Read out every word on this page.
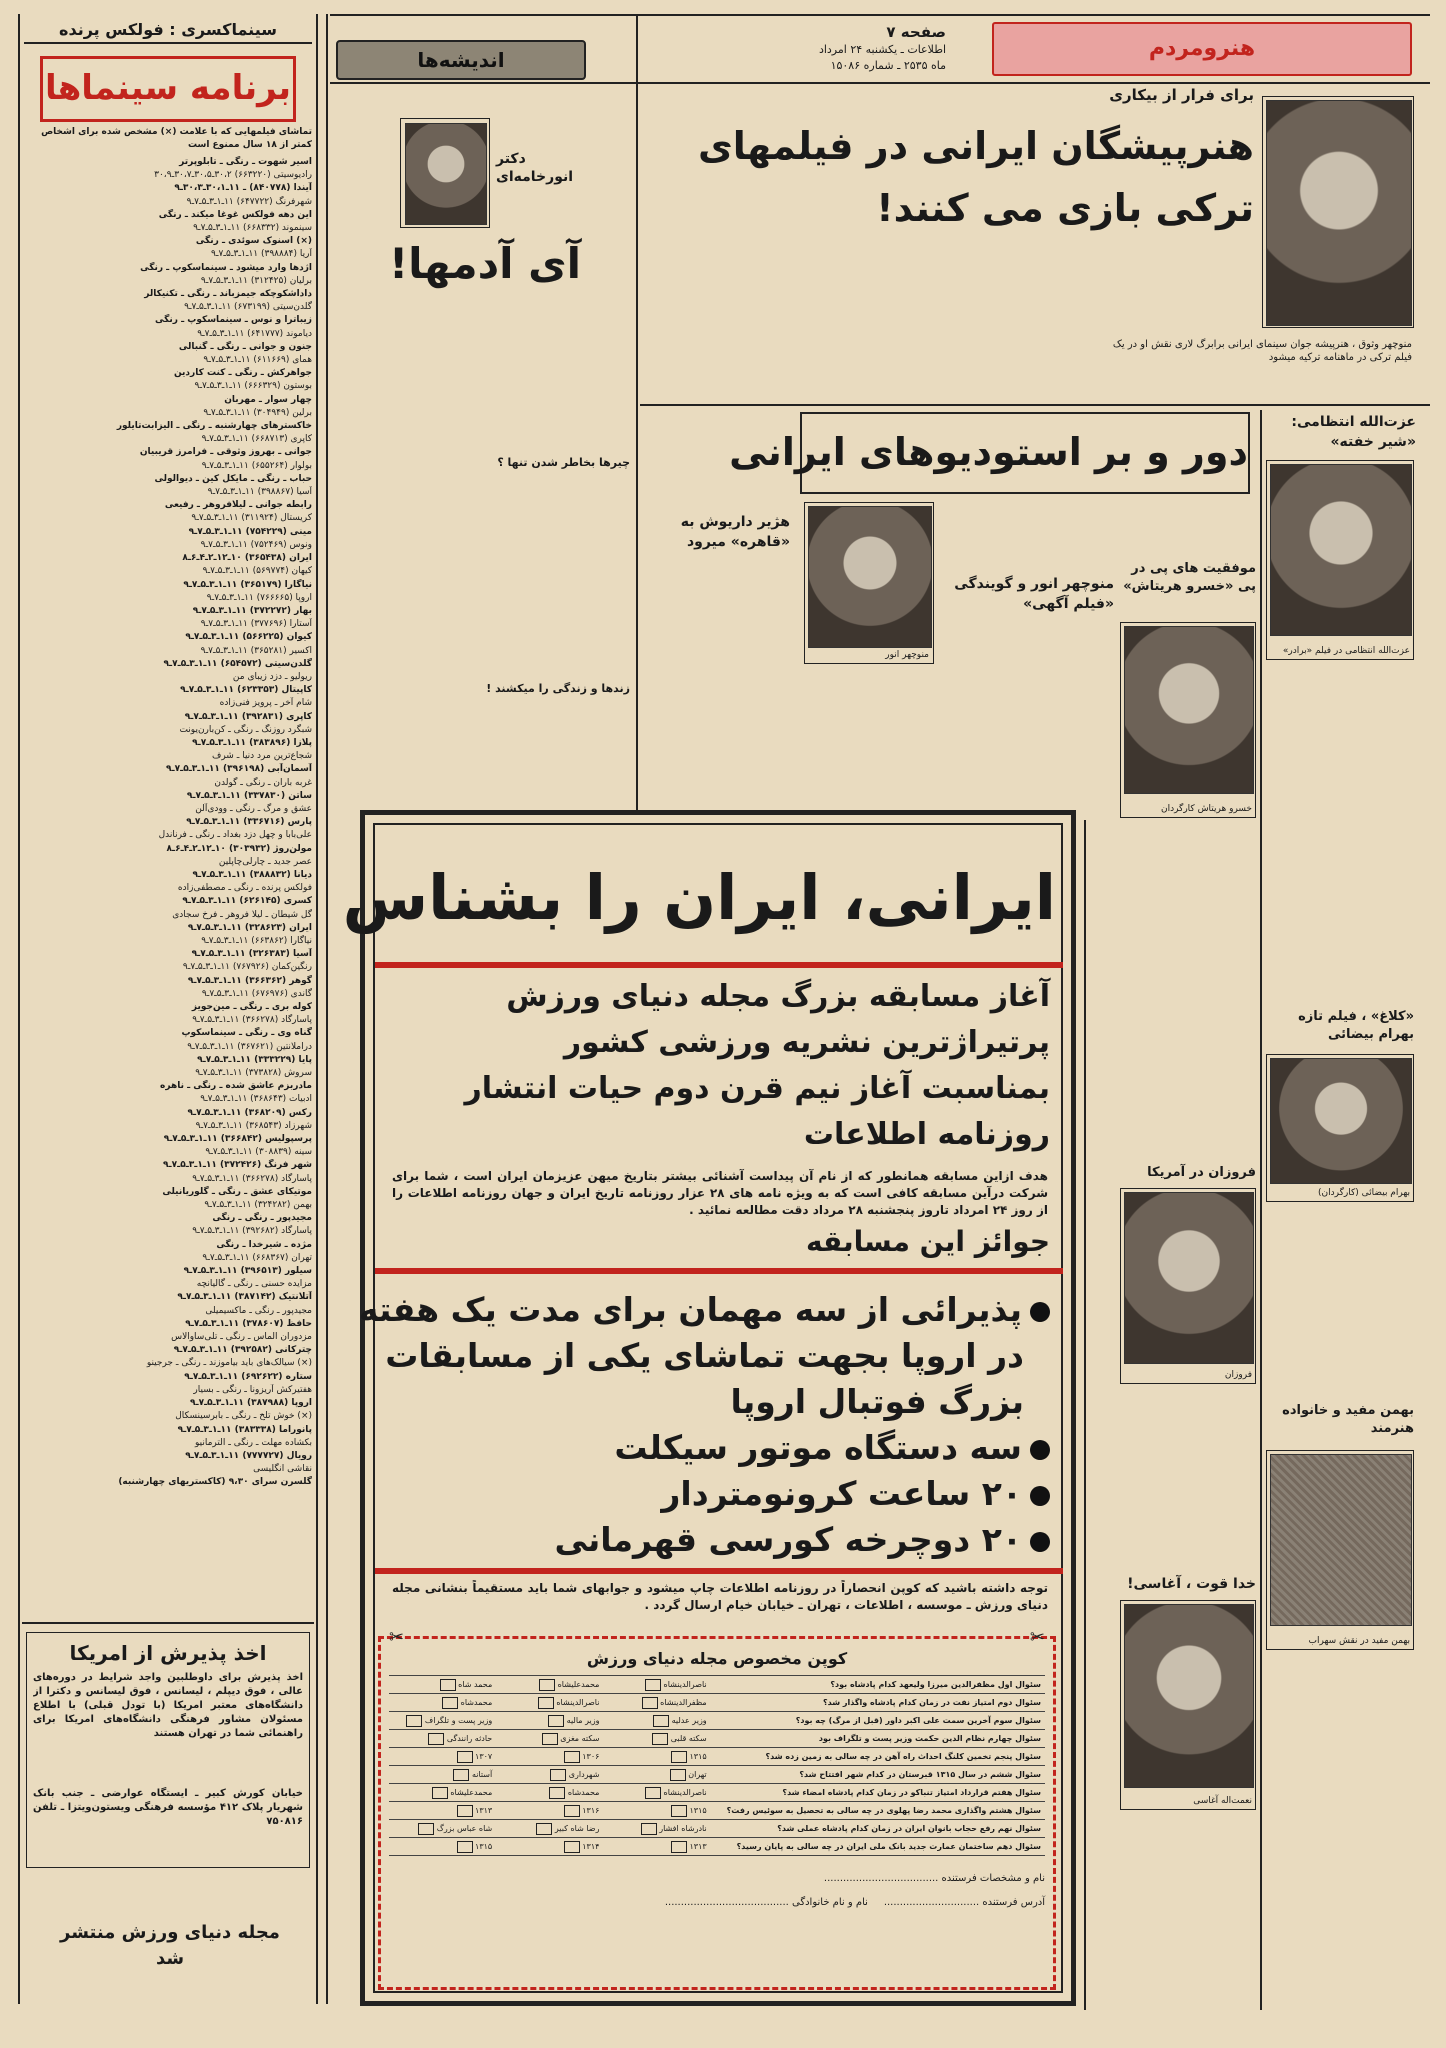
سینماکسری : فولکس پرنده
برنامه سینماها
تماشای فیلمهایی که با علامت (×) مشخص شده برای اشخاص کمتر از ۱۸ سال ممنوع است
اسیر شهوت ـ رنگی ـ تابلوپرتر
رادیوسیتی (۶۶۳۲۲۰) ۳۰،۲ـ۳۰،۵ـ۳۰،۷ـ۳۰،۹
آیندا (۸۴۰۷۷۸) ـ ۱۱ـ۳۰،۱ـ۳۰،۳ـ۹
شهرفرنگ (۶۴۷۷۲۲) ۱۱ـ۱ـ۳ـ۵ـ۷ـ۹
این دهه فولکس غوغا میکند ـ رنگی
سینموند (۶۶۸۳۳۲) ۱۱ـ۱ـ۳ـ۵ـ۷ـ۹
(×) اسنوک سوئدی ـ رنگی
آریا (۳۹۸۸۸۴) ۱۱ـ۱ـ۳ـ۵ـ۷ـ۹
اژدها وارد میشود ـ سینماسکوپ ـ رنگی
برلیان (۳۱۲۴۲۵) ۱۱ـ۱ـ۳ـ۵ـ۷ـ۹
داداشکوچکه جیمزباند ـ رنگی ـ تکنیکالر
گلدن‌سیتی (۶۷۳۱۹۹) ۱۱ـ۱ـ۳ـ۵ـ۷ـ۹
زیباترا و نوس ـ سینماسکوپ ـ رنگی
دیاموند (۶۴۱۷۷۷) ۱۱ـ۱ـ۳ـ۵ـ۷ـ۹
جنون و جوانی ـ رنگی ـ گنبالی
همای (۶۱۱۶۶۹) ۱۱ـ۱ـ۳ـ۵ـ۷ـ۹
جواهرکش ـ رنگی ـ کنت کاردین
بوستون (۶۶۶۳۲۹) ۱۱ـ۱ـ۳ـ۵ـ۷ـ۹
چهار سوار ـ مهربان
برلین (۳۰۴۹۴۹) ۱۱ـ۱ـ۳ـ۵ـ۷ـ۹
خاکسترهای چهارشنبه ـ رنگی ـ الیزابت‌تایلور
کاپری (۶۶۸۷۱۳) ۱۱ـ۱ـ۳ـ۵ـ۷ـ۹
جوانی ـ بهروز وثوقی ـ فرامرز قریبیان
بولوار (۶۵۵۲۶۴) ۱۱ـ۱ـ۳ـ۵ـ۷ـ۹
حباب ـ رنگی ـ مایکل کین ـ دیوالولی
آسیا (۳۹۸۸۶۷) ۱۱ـ۱ـ۳ـ۵ـ۷ـ۹
رابطه جوانی ـ لیلافروهر ـ رفیعی
کریستال (۳۱۱۹۲۴) ۱۱ـ۱ـ۳ـ۵ـ۷ـ۹
مینی (۷۵۴۲۲۹) ۱۱ـ۱ـ۳ـ۵ـ۷ـ۹
ونوس (۷۵۲۴۶۹) ۱۱ـ۱ـ۳ـ۵ـ۷ـ۹
ایران (۳۶۵۴۳۸) ۱۰ـ۱۲ـ۲ـ۴ـ۶ـ۸
کیهان (۵۶۹۷۷۴) ۱۱ـ۱ـ۳ـ۵ـ۷ـ۹
نیاگارا (۳۶۵۱۷۹) ۱۱ـ۱ـ۳ـ۵ـ۷ـ۹
اروپا (۷۶۶۶۶۵) ۱۱ـ۱ـ۳ـ۵ـ۷ـ۹
بهار (۳۷۲۲۷۲) ۱۱ـ۱ـ۳ـ۵ـ۷ـ۹
آستارا (۳۷۷۶۹۶) ۱۱ـ۱ـ۳ـ۵ـ۷ـ۹
کیوان (۵۶۶۲۲۵) ۱۱ـ۱ـ۳ـ۵ـ۷ـ۹
اکسیر (۳۶۵۲۸۱) ۱۱ـ۱ـ۳ـ۵ـ۷ـ۹
گلدن‌سیتی (۶۵۴۵۷۲) ۱۱ـ۱ـ۳ـ۵ـ۷ـ۹
ریولیو ـ دزد زیبای من
کاپیتال (۶۲۳۳۵۳) ۱۱ـ۱ـ۳ـ۵ـ۷ـ۹
شام آخر ـ پرویز فنی‌زاده
کاپری (۳۹۲۸۳۱) ۱۱ـ۱ـ۳ـ۵ـ۷ـ۹
شبگرد روزنگ ـ رنگی ـ کن‌بارن‌یونت
پلازا (۳۸۳۸۹۶) ۱۱ـ۱ـ۳ـ۵ـ۷ـ۹
شجاع‌ترین مرد دنیا ـ شرف
آسمان‌آبی (۳۹۶۱۹۸) ۱۱ـ۱ـ۳ـ۵ـ۷ـ۹
غربه باران ـ رنگی ـ گولدن
ساتن (۳۳۷۸۳۰) ۱۱ـ۱ـ۳ـ۵ـ۷ـ۹
عشق و مرگ ـ رنگی ـ وودی‌آلن
پارس (۳۳۶۷۱۶) ۱۱ـ۱ـ۳ـ۵ـ۷ـ۹
علی‌بابا و چهل دزد بغداد ـ رنگی ـ فرناندل
مولن‌روژ (۳۰۳۹۳۲) ۱۰ـ۱۲ـ۲ـ۴ـ۶ـ۸
عصر جدید ـ چارلی‌چاپلین
دیانا (۳۸۸۸۳۲) ۱۱ـ۱ـ۳ـ۵ـ۷ـ۹
فولکس پرنده ـ رنگی ـ مصطفی‌زاده
کسری (۶۲۶۱۴۵) ۱۱ـ۱ـ۳ـ۵ـ۷ـ۹
گل شیطان ـ لیلا فروهر ـ فرخ سجادی
ایران (۳۲۸۶۲۳) ۱۱ـ۱ـ۳ـ۵ـ۷ـ۹
نیاگارا (۶۶۳۸۶۲) ۱۱ـ۱ـ۳ـ۵ـ۷ـ۹
آسیا (۳۲۶۳۸۳) ۱۱ـ۱ـ۳ـ۵ـ۷ـ۹
رنگین‌کمان (۷۶۷۹۲۶) ۱۱ـ۱ـ۳ـ۵ـ۷ـ۹
گوهر (۳۶۶۳۶۲) ۱۱ـ۱ـ۳ـ۵ـ۷ـ۹
گاندی (۶۷۶۹۷۶) ۱۱ـ۱ـ۳ـ۵ـ۷ـ۹
کوله بری ـ رنگی ـ مین‌جویز
پاسارگاد (۳۶۶۲۷۸) ۱۱ـ۱ـ۳ـ۵ـ۷ـ۹
گناه وی ـ رنگی ـ سینماسکوپ
دراملانتین (۳۶۷۶۲۱) ۱۱ـ۱ـ۳ـ۵ـ۷ـ۹
پایا (۳۳۳۲۲۹) ۱۱ـ۱ـ۳ـ۵ـ۷ـ۹
سروش (۳۷۳۸۲۸) ۱۱ـ۱ـ۳ـ۵ـ۷ـ۹
مادربزم عاشق شده ـ رنگی ـ ناهره
ادبیات (۳۶۸۶۴۳) ۱۱ـ۱ـ۳ـ۵ـ۷ـ۹
رکس (۳۶۸۲۰۹) ۱۱ـ۱ـ۳ـ۵ـ۷ـ۹
شهرزاد (۳۶۸۵۴۳) ۱۱ـ۱ـ۳ـ۵ـ۷ـ۹
پرسپولیس (۳۶۶۸۴۲) ۱۱ـ۱ـ۳ـ۵ـ۷ـ۹
سینه (۳۰۸۸۳۹) ۱۱ـ۱ـ۳ـ۵ـ۷ـ۹
شهر فرنگ (۳۷۲۴۲۶) ۱۱ـ۱ـ۳ـ۵ـ۷ـ۹
پاسارگاد (۳۶۶۲۷۸) ۱۱ـ۱ـ۳ـ۵ـ۷ـ۹
موتیکای عشق ـ رنگی ـ گلوریا‌نیلی
بهمن (۳۲۴۲۸۲) ۱۱ـ۱ـ۳ـ۵ـ۷ـ۹
مجیدپور ـ رنگی ـ رنگی
پاسارگاد (۳۹۲۶۸۲) ۱۱ـ۱ـ۳ـ۵ـ۷ـ۹
مژده ـ شیرخدا ـ رنگی
تهران (۶۶۸۳۶۷) ۱۱ـ۱ـ۳ـ۵ـ۷ـ۹
سیلور (۳۹۶۵۱۳) ۱۱ـ۱ـ۳ـ۵ـ۷ـ۹
مزایده حسنی ـ رنگی ـ گالیانچه
آتلانتیک (۳۸۷۱۴۲) ۱۱ـ۱ـ۳ـ۵ـ۷ـ۹
مجیدپور ـ رنگی ـ ماکسیمیلی
حافظ (۳۷۸۶۰۷) ۱۱ـ۱ـ۳ـ۵ـ۷ـ۹
مزدوران الماس ـ رنگی ـ تلی‌ساوالاس
چترکانی (۳۹۲۵۸۲) ۱۱ـ۱ـ۳ـ۵ـ۷ـ۹
(×) سیالک‌های باید بیاموزند ـ رنگی ـ جرجینو
ستاره (۶۹۲۶۲۲) ۱۱ـ۱ـ۳ـ۵ـ۷ـ۹
هفتیرکش آریزونا ـ رنگی ـ بسیار
اروپا (۳۸۷۹۸۸) ۱۱ـ۱ـ۳ـ۵ـ۷ـ۹
(×) خوش تلخ ـ رنگی ـ بابرسینسکال
پانوراما (۳۸۳۳۳۸) ۱۱ـ۱ـ۳ـ۵ـ۷ـ۹
بکشاده مهلت ـ رنگی ـ الترمانیو
رویال (۷۷۷۷۲۷) ۱۱ـ۱ـ۳ـ۵ـ۷ـ۹
نقاشی انگلیسی
گلسرن سرای ۹،۳۰ (کاکستریهای چهارشنبه)
اخذ پذیرش از امریکا
اخذ پذیرش برای داوطلبین واجد شرایط در دوره‌های عالی ، فوق دیپلم ، لیسانس ، فوق لیسانس و دکترا از دانشگاه‌های معتبر امریکا (با تودل قبلی) با اطلاع مسئولان مشاور فرهنگی دانشگاه‌های امریکا برای راهنمائی شما در تهران هستند
خیابان کورش کبیر ـ ایستگاه عوارضی ـ جنب بانک شهریار پلاک ۴۱۲ مؤسسه فرهنگی ویستون‌ویتزا ـ تلفن ۷۵۰۸۱۶
مجله دنیای ورزش منتشر شد
اندیشه‌ها
صفحه ۷
اطلاعات ـ یکشنبه ۲۴ امرداد
ماه ۲۵۳۵ ـ شماره ۱۵۰۸۶
هنرومردم
دکتر انورخامه‌ای
آی آدمها!
چیرها بخاطر شدن تنها ؟
زندها و زندگی را میکشند !
منوچهر وثوق ، هنرپیشه جوان سینمای ایرانی برابرگ لاری نقش او در یک فیلم ترکی در ماهنامه ترکیه میشود
برای فرار از بیکاری
هنرپیشگان ایرانی در فیلمهای
ترکی بازی می کنند!
دور و بر استودیوهای ایرانی
هژیر داریوش به «قاهره» میرود
منوچهر انور
منوچهر انور و گویندگی «فیلم آگهی»
عزت‌الله انتظامی: «شیر خفته»
عزت‌الله انتظامی در فیلم «برادر»
موفقیت های پی در پی «خسرو هریتاش»
خسرو هریتاش کارگردان
«کلاغ» ، فیلم تازه بهرام بیضائی
بهرام بیضائی (کارگردان)
فروزان در آمریکا
فروزان
بهمن مفید و خانواده هنرمند
بهمن مفید در نقش سهراب
خدا قوت ، آغاسی!
نعمت‌اله آغاسی
ایرانی، ایران را بشناس
آغاز مسابقه بزرگ مجله دنیای ورزش
پرتیراژترین نشریه ورزشی کشور
بمناسبت آغاز نیم قرن دوم حیات انتشار
روزنامه اطلاعات
هدف ازاین مسابقه همانطور که از نام آن پیداست آشنائی بیشتر بتاریخ میهن عزیزمان ایران است ، شما برای شرکت درآین مسابقه کافی است که به ویژه نامه های ۲۸ عزار روزنامه تاریخ ایران و جهان روزنامه اطلاعات را از روز ۲۴ امرداد تاروز پنجشنبه ۲۸ مرداد دقت مطالعه نمائید .
جوائز این مسابقه
پذیرائی از سه مهمان برای مدت یک هفته
در اروپا بجهت تماشای یکی از مسابقات
بزرگ فوتبال اروپا
سه دستگاه موتور سیکلت
۲۰ ساعت کرونومتردار
۲۰ دوچرخه کورسی قهرمانی
توجه داشته باشید که کوپن انحصاراً در روزنامه اطلاعات چاپ میشود و جوابهای شما باید مستقیماً بنشانی مجله دنیای ورزش ـ موسسه ، اطلاعات ، تهران ـ خیابان خیام ارسال گردد .
✂	✂
کوپن مخصوص مجله دنیای ورزش
سئوال اول مظفرالدین میرزا ولیعهد کدام پادشاه بود؟
ناصرالدینشاه
محمدعلیشاه
محمد شاه
سئوال دوم امتیاز نفت در زمان کدام پادشاه واگذار شد؟
مظفرالدینشاه
ناصرالدینشاه
محمدشاه
سئوال سوم آخرین سمت علی اکبر داور (قبل از مرگ) چه بود؟
وزیر عدلیه
وزیر مالیه
وزیر پست و تلگراف
سئوال چهارم نظام الدین حکمت وزیر پست و تلگراف بود
سکته قلبی
سکته مغزی
حادثه رانندگی
سئوال پنجم تخمین کلنگ احداث راه آهن در چه سالی به زمین زده شد؟
۱۳۱۵
۱۳۰۶
۱۳۰۷
سئوال ششم در سال ۱۳۱۵ قبرستان در کدام شهر افتتاح شد؟
تهران
شهرداری
آستانه
سئوال هفتم قرارداد امتیاز تنباکو در زمان کدام پادشاه امضاء شد؟
ناصرالدینشاه
محمدشاه
محمدعلیشاه
سئوال هشتم واگذاری محمد رضا پهلوی در چه سالی به تحصیل به سوئیس رفت؟
۱۳۱۵
۱۳۱۶
۱۳۱۳
سئوال نهم رفع حجاب بانوان ایران در زمان کدام پادشاه عملی شد؟
نادرشاه افشار
رضا شاه کبیر
شاه عباس بزرگ
سئوال دهم ساختمان عمارت جدید بانک ملی ایران در چه سالی به پایان رسید؟
۱۳۱۳
۱۳۱۴
۱۳۱۵
نام و مشخصات فرستنده ....................................
آدرس فرستنده ..............................     نام و نام خانوادگی .......................................
